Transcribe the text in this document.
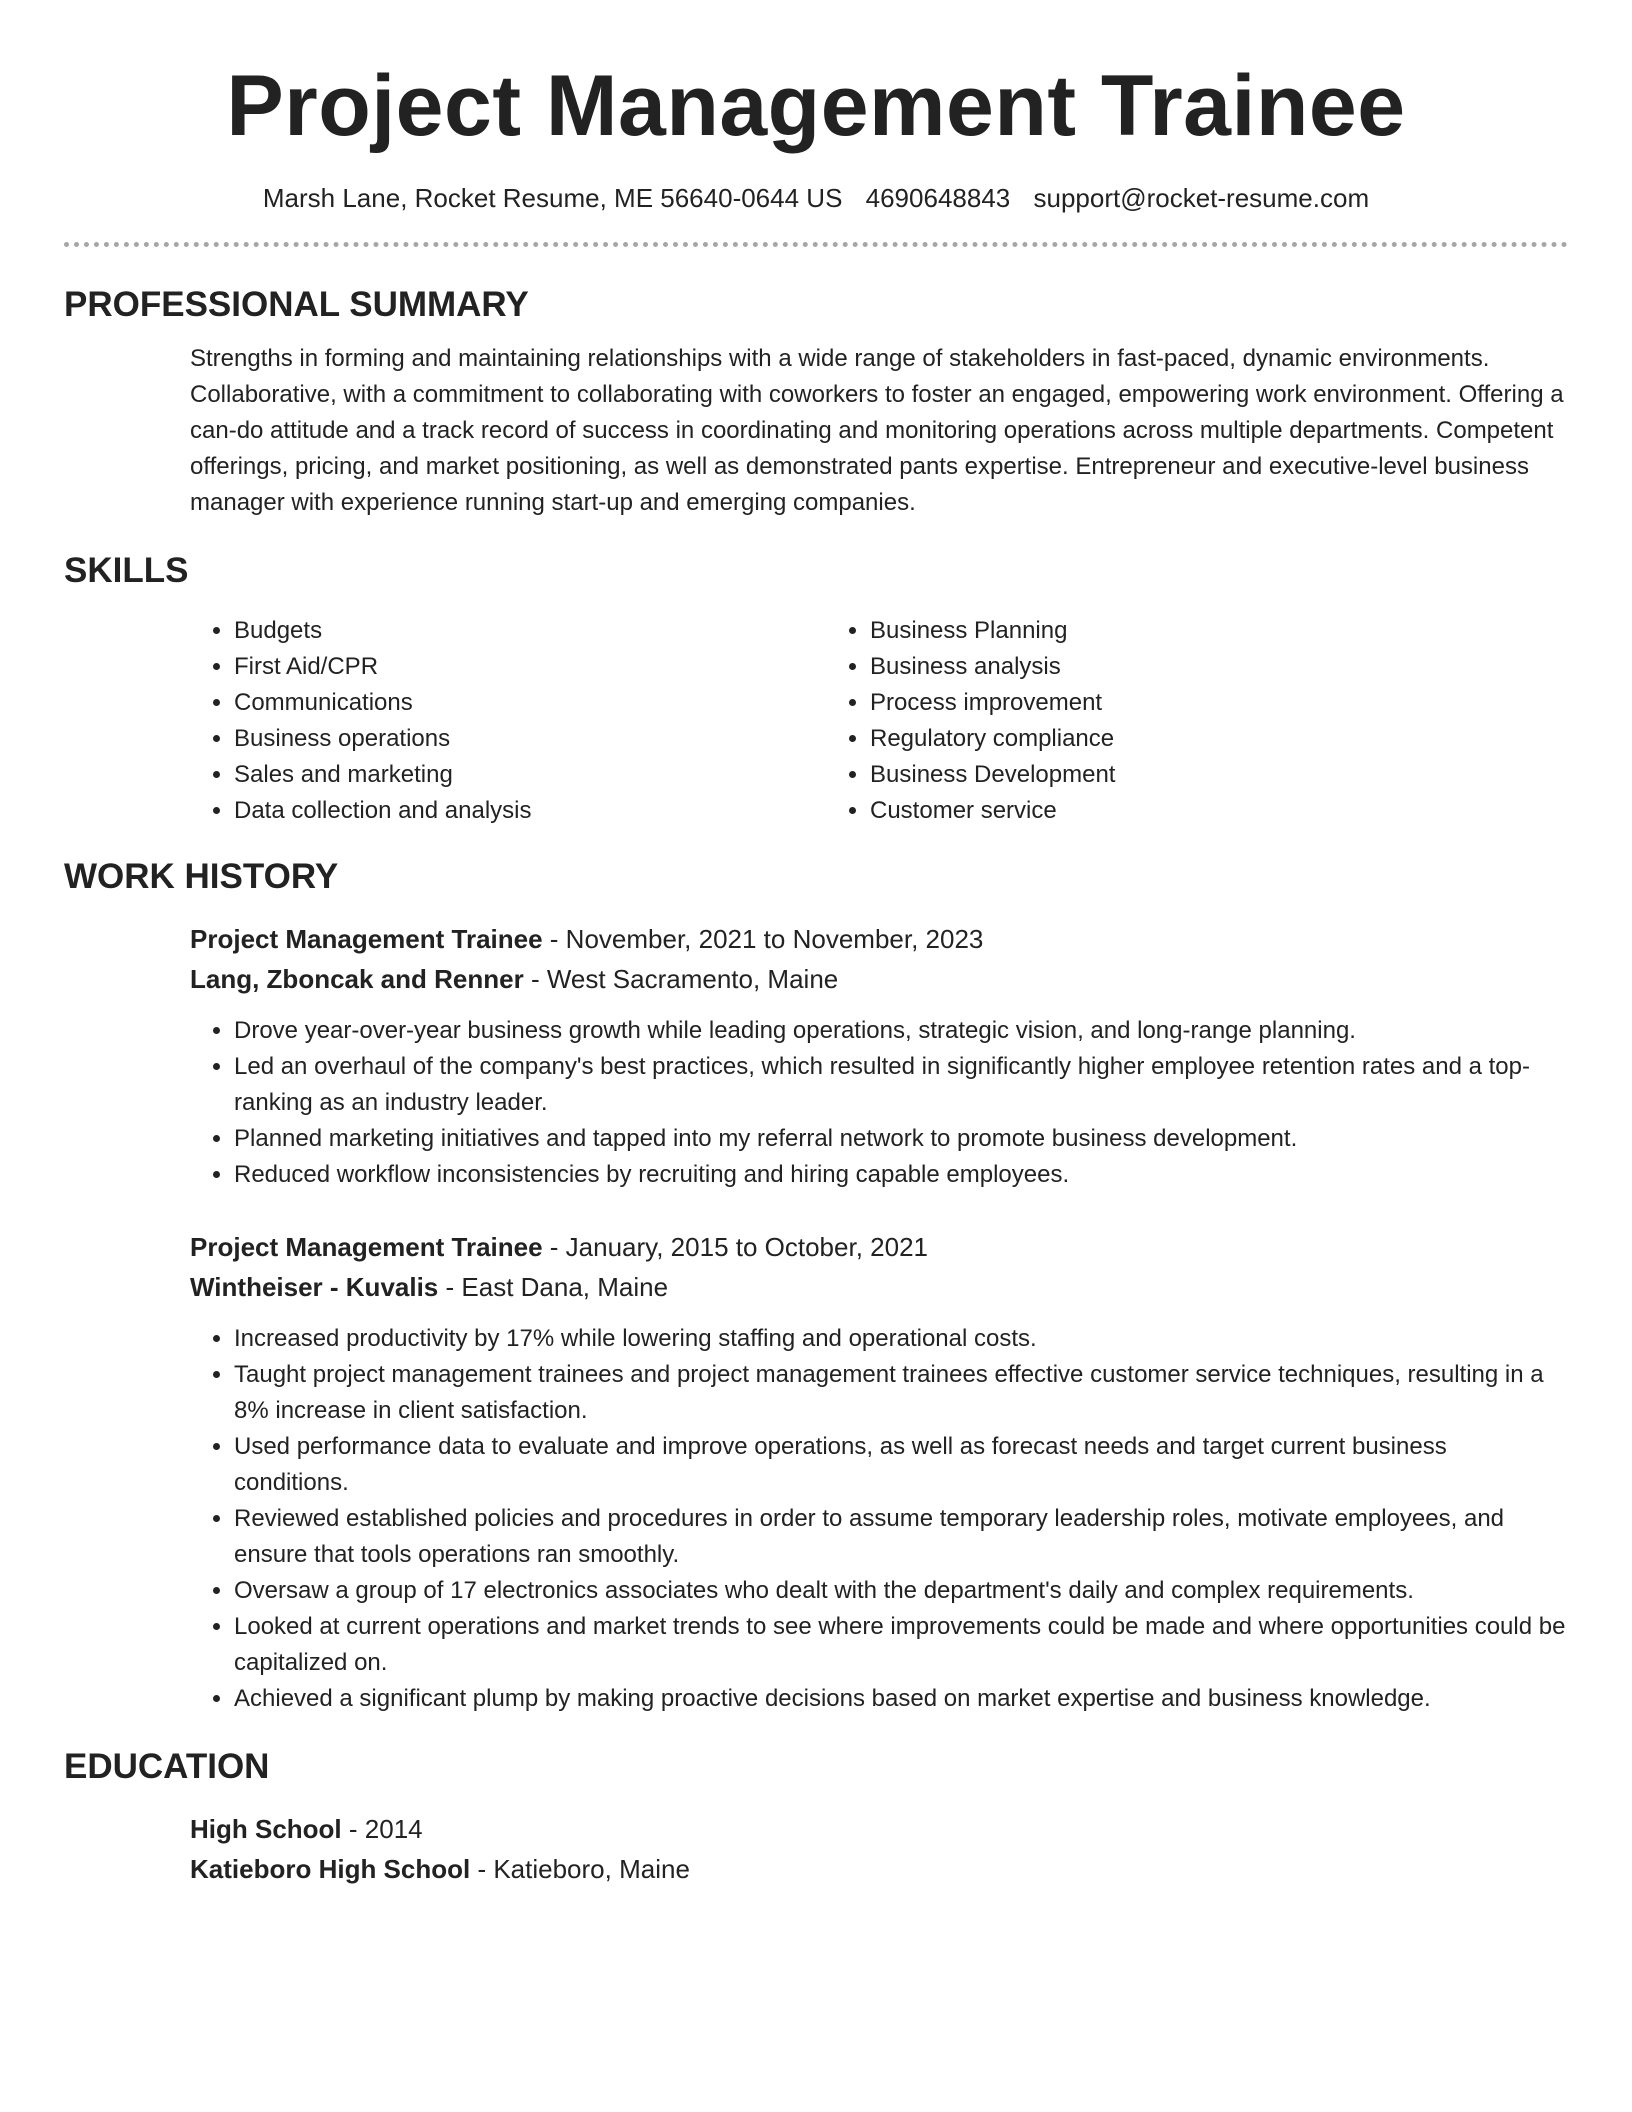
Project Management Trainee
Marsh Lane, Rocket Resume, ME 56640-0644 US 4690648843 support@rocket-resume.com
PROFESSIONAL SUMMARY

Strengths in forming and maintaining relationships with a wide range of stakeholders in fast-paced, dynamic environments. Collaborative, with a commitment to collaborating with coworkers to foster an engaged, empowering work environment. Offering a can-do attitude and a track record of success in coordinating and monitoring operations across multiple departments. Competent offerings, pricing, and market positioning, as well as demonstrated pants expertise. Entrepreneur and executive-level business manager with experience running start-up and emerging companies.

SKILLS
• Budgets
• First Aid/CPR
• Communications
• Business operations
• Sales and marketing
• Data collection and analysis
• Business Planning
• Business analysis
• Process improvement
• Regulatory compliance
• Business Development
• Customer service
WORK HISTORY
Project Management Trainee - November, 2021 to November, 2023
Lang, Zboncak and Renner - West Sacramento, Maine
• Drove year-over-year business growth while leading operations, strategic vision, and long-range planning.
• Led an overhaul of the company's best practices, which resulted in significantly higher employee retention rates and a top-ranking as an industry leader.
• Planned marketing initiatives and tapped into my referral network to promote business development.
• Reduced workflow inconsistencies by recruiting and hiring capable employees.
Project Management Trainee - January, 2015 to October, 2021
Wintheiser - Kuvalis - East Dana, Maine
• Increased productivity by 17% while lowering staffing and operational costs.
• Taught project management trainees and project management trainees effective customer service techniques, resulting in a 8% increase in client satisfaction.
• Used performance data to evaluate and improve operations, as well as forecast needs and target current business conditions.
• Reviewed established policies and procedures in order to assume temporary leadership roles, motivate employees, and ensure that tools operations ran smoothly.
• Oversaw a group of 17 electronics associates who dealt with the department's daily and complex requirements.
• Looked at current operations and market trends to see where improvements could be made and where opportunities could be capitalized on.
• Achieved a significant plump by making proactive decisions based on market expertise and business knowledge.
EDUCATION
High School - 2014
Katieboro High School - Katieboro, Maine
